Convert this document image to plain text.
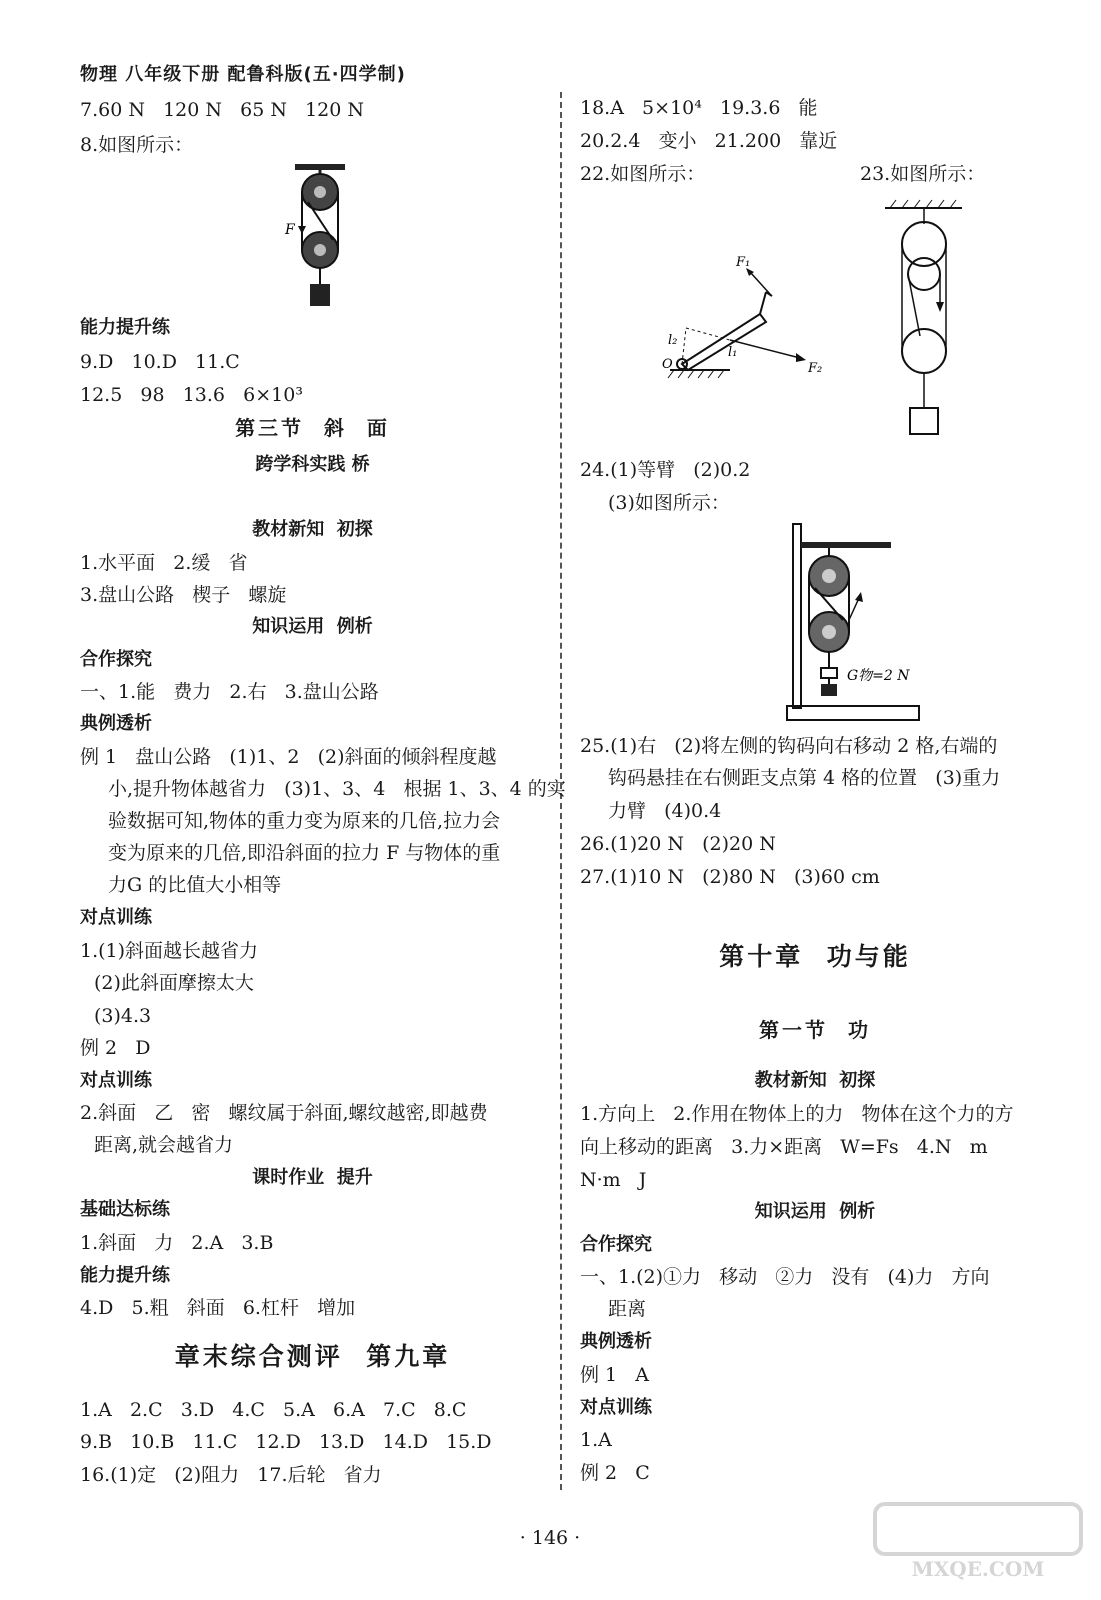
物理 八年级下册 配鲁科版(五·四学制)
7.60 N   120 N   65 N   120 N
8.如图所示：
F
能力提升练
9.D   10.D   11.C
12.5   98   13.6   6×10³
第三节  斜  面
跨学科实践 桥
教材新知  初探
1.水平面   2.缓   省
3.盘山公路   楔子   螺旋
知识运用  例析
合作探究
一、1.能   费力   2.右   3.盘山公路
典例透析
例 1   盘山公路   (1)1、2   (2)斜面的倾斜程度越
小,提升物体越省力   (3)1、3、4   根据 1、3、4 的实
验数据可知,物体的重力变为原来的几倍,拉力会
变为原来的几倍,即沿斜面的拉力 F 与物体的重
力G 的比值大小相等
对点训练
1.(1)斜面越长越省力
(2)此斜面摩擦太大
(3)4.3
例 2   D
对点训练
2.斜面   乙   密   螺纹属于斜面,螺纹越密,即越费
距离,就会越省力
课时作业  提升
基础达标练
1.斜面   力   2.A   3.B
能力提升练
4.D   5.粗   斜面   6.杠杆   增加
章末综合测评  第九章
1.A   2.C   3.D   4.C   5.A   6.A   7.C   8.C
9.B   10.B   11.C   12.D   13.D   14.D   15.D
16.(1)定   (2)阻力   17.后轮   省力
18.A   5×10⁴   19.3.6   能
20.2.4   变小   21.200   靠近
22.如图所示：	23.如图所示：
F₁
F₂
l₁
l₂
O
24.(1)等臂   (2)0.2
(3)如图所示：
G物=2 N
25.(1)右   (2)将左侧的钩码向右移动 2 格,右端的
钩码悬挂在右侧距支点第 4 格的位置   (3)重力
力臂   (4)0.4
26.(1)20 N   (2)20 N
27.(1)10 N   (2)80 N   (3)60 cm
第十章  功与能
第一节  功
教材新知  初探
1.方向上   2.作用在物体上的力   物体在这个力的方
向上移动的距离   3.力×距离   W=Fs   4.N   m
N·m   J
知识运用  例析
合作探究
一、1.(2)①力   移动   ②力   没有   (4)力   方向
距离
典例透析
例 1   A
对点训练
1.A
例 2   C
· 146 ·
MXQE.COM
